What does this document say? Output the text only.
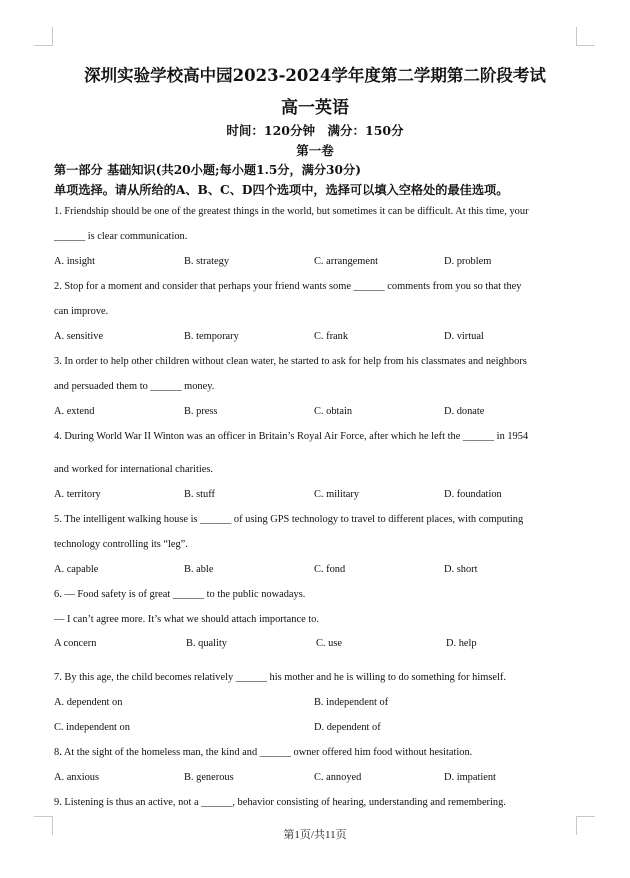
深圳实验学校高中园2023-2024学年度第二学期第二阶段考试
高一英语
时间：120分钟　满分：150分
第一卷
第一部分 基础知识(共20小题;每小题1.5分，满分30分)
单项选择。请从所给的A、B、C、D四个选项中，选择可以填入空格处的最佳选项。
1. Friendship should be one of the greatest things in the world, but sometimes it can be difficult. At this time, your
______ is clear communication.
A. insight	B. strategy	C. arrangement	D. problem
2. Stop for a moment and consider that perhaps your friend wants some ______ comments from you so that they
can improve.
A. sensitive	B. temporary	C. frank	D. virtual
3. In order to help other children without clean water, he started to ask for help from his classmates and neighbors
and persuaded them to ______ money.
A. extend	B. press	C. obtain	D. donate
4. During World War II Winton was an officer in Britain’s Royal Air Force, after which he left the ______ in 1954
and worked for international charities.
A. territory	B. stuff	C. military	D. foundation
5. The intelligent walking house is ______ of using GPS technology to travel to different places, with computing
technology controlling its “leg”.
A. capable	B. able	C. fond	D. short
6. — Food safety is of great ______ to the public nowadays.
— I can’t agree more. It’s what we should attach importance to.
A concern	B. quality	C. use	D. help
7. By this age, the child becomes relatively ______ his mother and he is willing to do something for himself.
A. dependent on	B. independent of
C. independent on	D. dependent of
8. At the sight of the homeless man, the kind and ______ owner offered him food without hesitation.
A. anxious	B. generous	C. annoyed	D. impatient
9. Listening is thus an active, not a ______, behavior consisting of hearing, understanding and remembering.
第1页/共11页
